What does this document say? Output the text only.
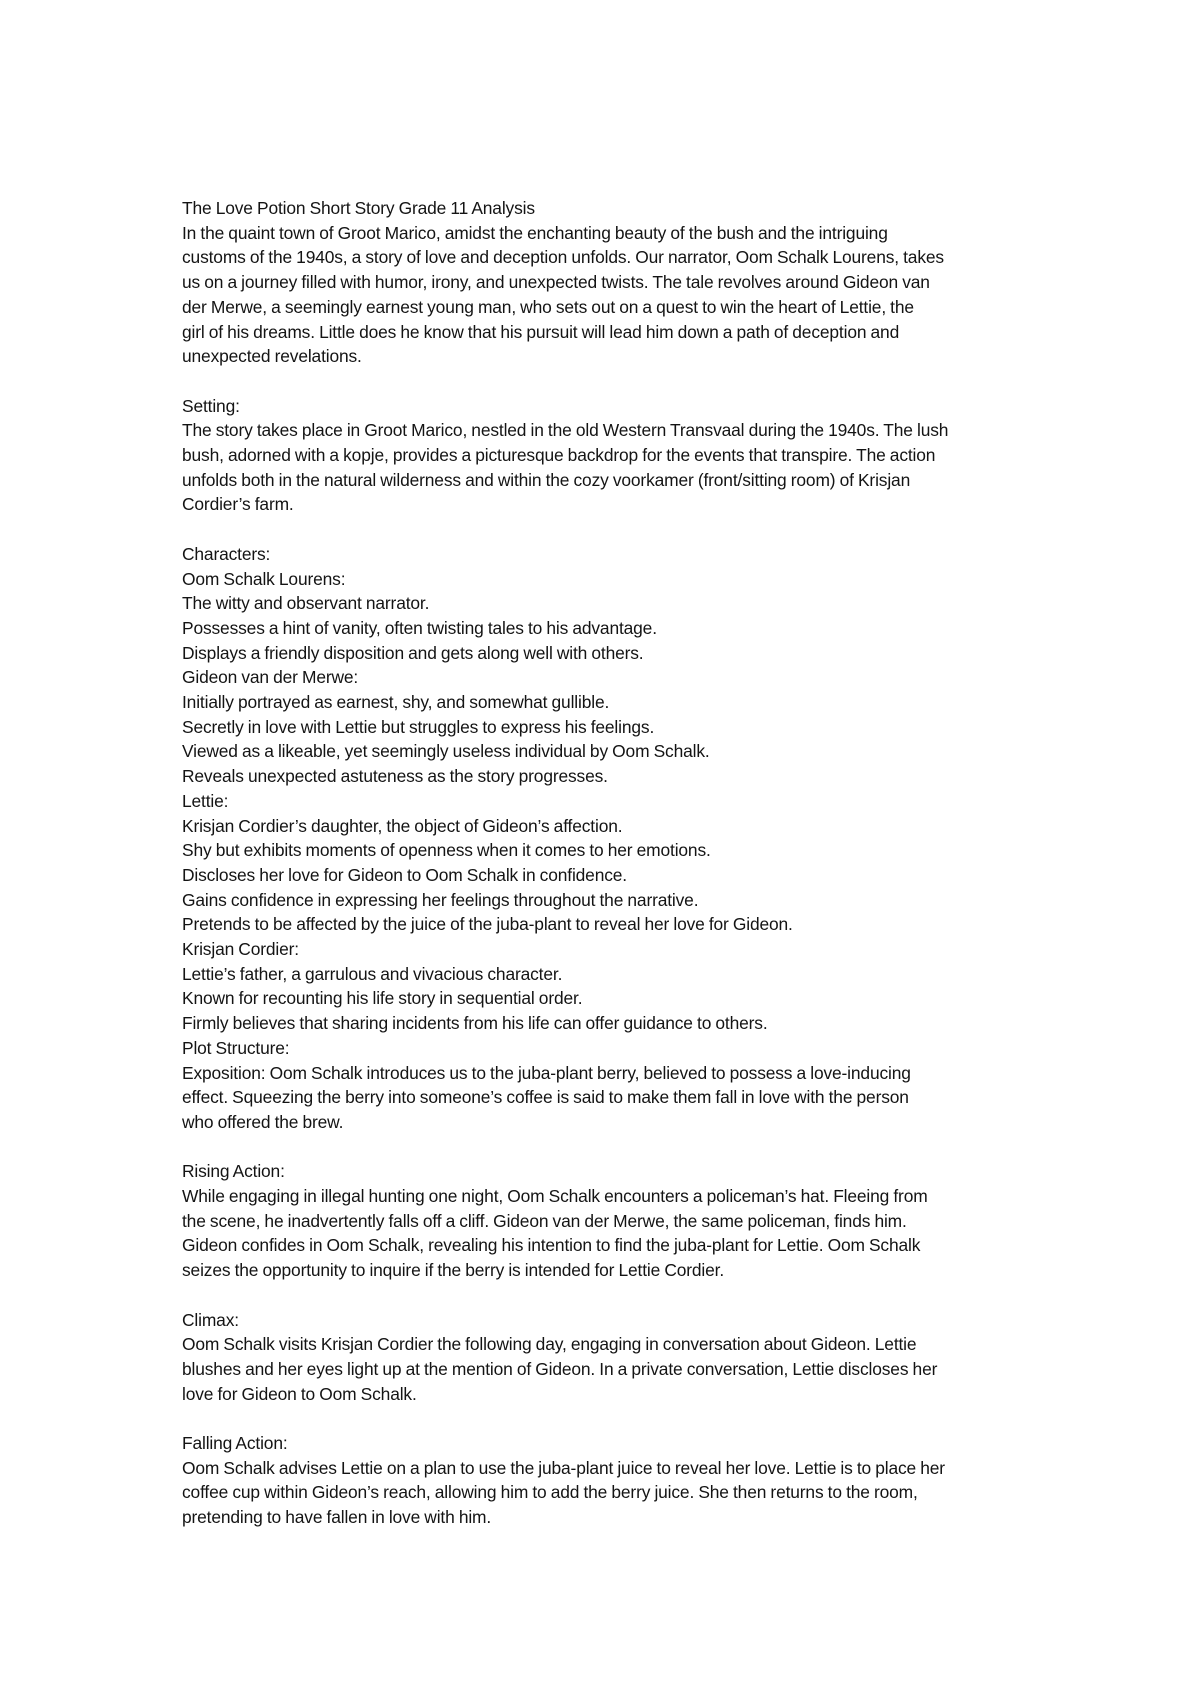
The Love Potion Short Story Grade 11 Analysis
In the quaint town of Groot Marico, amidst the enchanting beauty of the bush and the intriguing
customs of the 1940s, a story of love and deception unfolds. Our narrator, Oom Schalk Lourens, takes
us on a journey filled with humor, irony, and unexpected twists. The tale revolves around Gideon van
der Merwe, a seemingly earnest young man, who sets out on a quest to win the heart of Lettie, the
girl of his dreams. Little does he know that his pursuit will lead him down a path of deception and
unexpected revelations.

Setting:
The story takes place in Groot Marico, nestled in the old Western Transvaal during the 1940s. The lush
bush, adorned with a kopje, provides a picturesque backdrop for the events that transpire. The action
unfolds both in the natural wilderness and within the cozy voorkamer (front/sitting room) of Krisjan
Cordier’s farm.

Characters:
Oom Schalk Lourens:
The witty and observant narrator.
Possesses a hint of vanity, often twisting tales to his advantage.
Displays a friendly disposition and gets along well with others.
Gideon van der Merwe:
Initially portrayed as earnest, shy, and somewhat gullible.
Secretly in love with Lettie but struggles to express his feelings.
Viewed as a likeable, yet seemingly useless individual by Oom Schalk.
Reveals unexpected astuteness as the story progresses.
Lettie:
Krisjan Cordier’s daughter, the object of Gideon’s affection.
Shy but exhibits moments of openness when it comes to her emotions.
Discloses her love for Gideon to Oom Schalk in confidence.
Gains confidence in expressing her feelings throughout the narrative.
Pretends to be affected by the juice of the juba-plant to reveal her love for Gideon.
Krisjan Cordier:
Lettie’s father, a garrulous and vivacious character.
Known for recounting his life story in sequential order.
Firmly believes that sharing incidents from his life can offer guidance to others.
Plot Structure:
Exposition: Oom Schalk introduces us to the juba-plant berry, believed to possess a love-inducing
effect. Squeezing the berry into someone’s coffee is said to make them fall in love with the person
who offered the brew.

Rising Action:
While engaging in illegal hunting one night, Oom Schalk encounters a policeman’s hat. Fleeing from
the scene, he inadvertently falls off a cliff. Gideon van der Merwe, the same policeman, finds him.
Gideon confides in Oom Schalk, revealing his intention to find the juba-plant for Lettie. Oom Schalk
seizes the opportunity to inquire if the berry is intended for Lettie Cordier.

Climax:
Oom Schalk visits Krisjan Cordier the following day, engaging in conversation about Gideon. Lettie
blushes and her eyes light up at the mention of Gideon. In a private conversation, Lettie discloses her
love for Gideon to Oom Schalk.

Falling Action:
Oom Schalk advises Lettie on a plan to use the juba-plant juice to reveal her love. Lettie is to place her
coffee cup within Gideon’s reach, allowing him to add the berry juice. She then returns to the room,
pretending to have fallen in love with him.
